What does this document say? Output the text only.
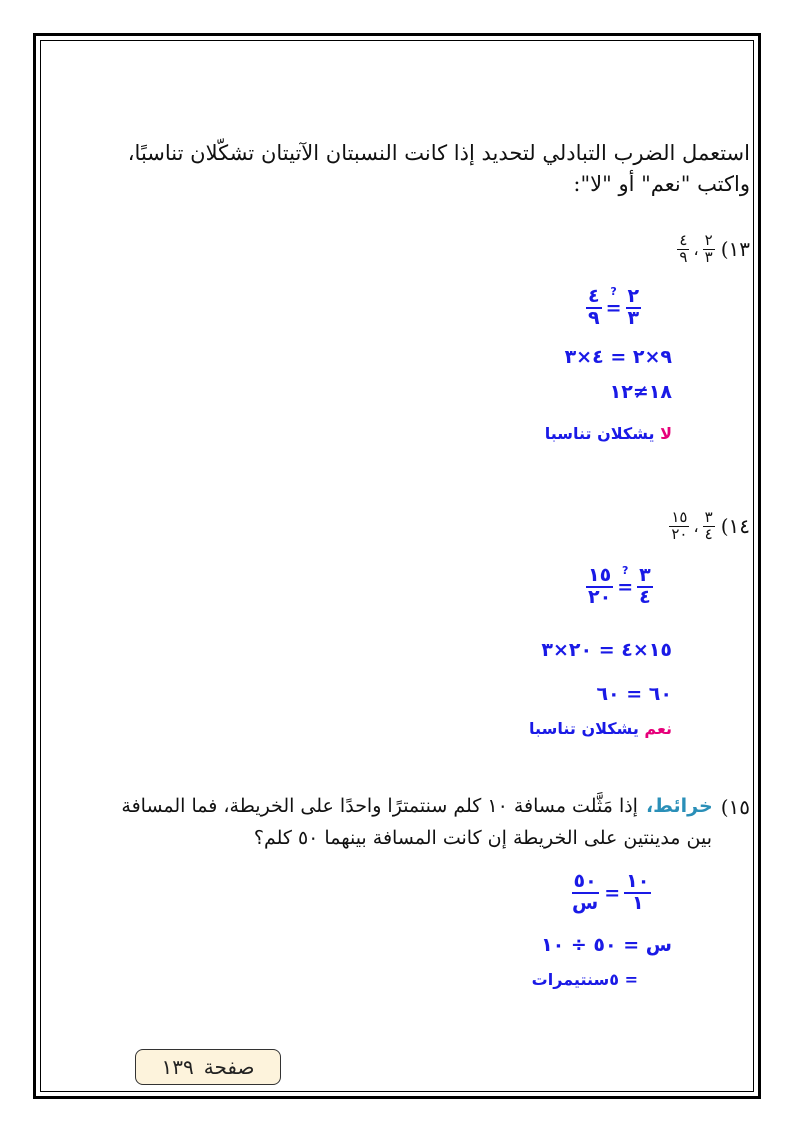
استعمل الضرب التبادلي لتحديد إذا كانت النسبتان الآتيتان تشكّلان تناسبًا،
واكتب "نعم" أو "لا":
١٣)
$\frac{٢}{٣}$
،
$\frac{٤}{٩}$
$\frac{٤}{٩}$ =
? $\frac{٢}{٣}$
٩×٢ = ٤×٣
١٨≠١٢
لا يشكلان تناسبا
١٤)
$\frac{٣}{٤}$
،
$\frac{١٥}{٢٠}$
$\frac{١٥}{٢٠}$ =
? $\frac{٣}{٤}$
١٥×٤ = ٢٠×٣
٦٠ = ٦٠
نعم يشكلان تناسبا
١٥)
خرائط،
إذا مَثَّلت مسافة ١٠ كلم سنتمترًا واحدًا على الخريطة، فما المسافة
بين مدينتين على الخريطة إن كانت المسافة بينهما ٥٠ كلم؟
$\frac{٥٠}{\text{س}} = \frac{١٠}{١}$
س = ٥٠ ÷ ١٠
= ٥سنتيمرات
صفحة
١٣٩
